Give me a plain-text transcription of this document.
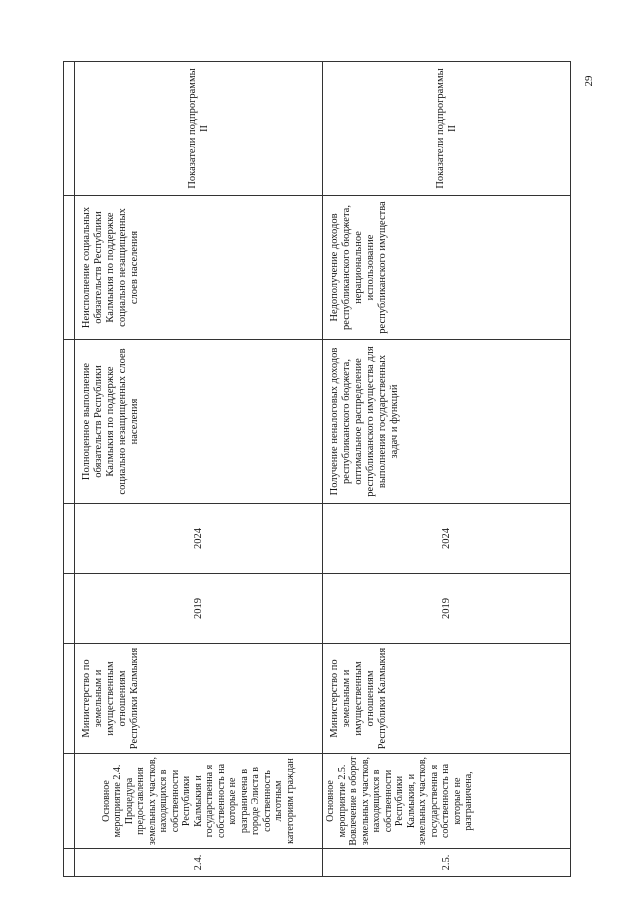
29

2.4.	Основное мероприятие 2.4. Процедура предоставления земельных участков, находящихся в собственности Республики Калмыкия и государственна я собственность на которые не разграничена в городе Элиста в собственность льготным категориям граждан	Министерство по земельным и имущественным отношениям Республики Калмыкия	2019	2024	Полноценное выполнение обязательств Республики Калмыкия по поддержке социально незащищенных слоев населения	Неисполнение социальных обязательств Республики Калмыкия по поддержке социально незащищенных слоев населения	Показатели подпрограммы II
2.5.	Основное мероприятие 2.5. Вовлечение в оборот земельных участков, находящихся в собственности Республики Калмыкия, и земельных участков, государственна я собственность на которые не разграничена,	Министерство по земельным и имущественным отношениям Республики Калмыкия	2019	2024	Получение неналоговых доходов республиканского бюджета, оптимальное распределение республиканского имущества для выполнения государственных задач и функций	Недополучение доходов республиканского бюджета, нерациональное использование республиканского имущества	Показатели подпрограммы II
